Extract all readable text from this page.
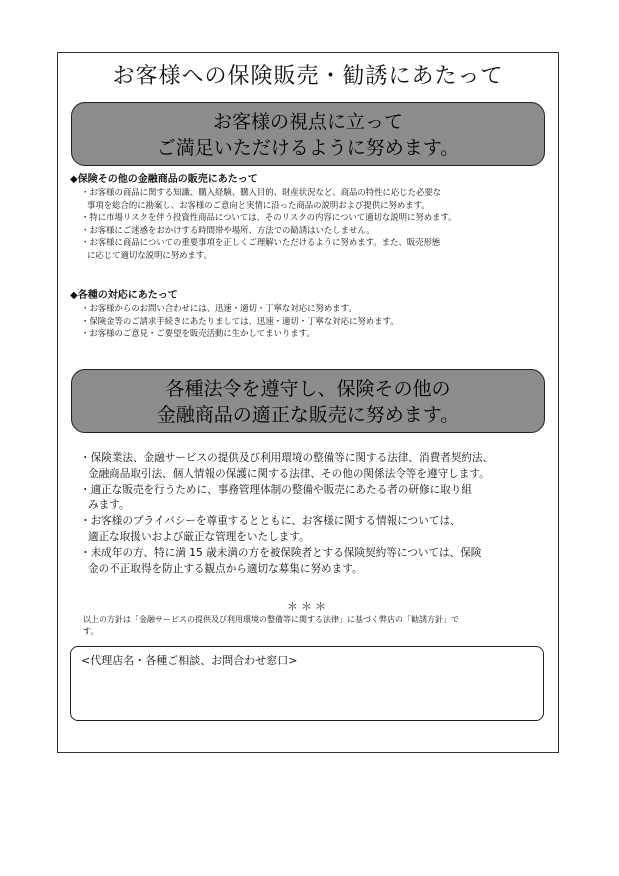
お客様への保険販売・勧誘にあたって
お客様の視点に立って
ご満足いただけるように努めます。
◆保険その他の金融商品の販売にあたって
・お客様の商品に関する知識、購入経験、購入目的、財産状況など、商品の特性に応じた必要な
事項を総合的に勘案し、お客様のご意向と実情に沿った商品の説明および提供に努めます。
・特に市場リスクを伴う投資性商品については、そのリスクの内容について適切な説明に努めます。
・お客様にご迷惑をおかけする時間帯や場所、方法での勧誘はいたしません。
・お客様に商品についての重要事項を正しくご理解いただけるように努めます。また、販売形態
に応じて適切な説明に努めます。
◆各種の対応にあたって
・お客様からのお問い合わせには、迅速・適切・丁寧な対応に努めます。
・保険金等のご請求手続きにあたりましては、迅速・適切・丁寧な対応に努めます。
・お客様のご意見・ご要望を販売活動に生かしてまいります。
各種法令を遵守し、保険その他の
金融商品の適正な販売に努めます。
・保険業法、金融サービスの提供及び利用環境の整備等に関する法律、消費者契約法、
金融商品取引法、個人情報の保護に関する法律、その他の関係法令等を遵守します。
・適正な販売を行うために、事務管理体制の整備や販売にあたる者の研修に取り組
みます。
・お客様のプライバシーを尊重するとともに、お客様に関する情報については、
適正な取扱いおよび厳正な管理をいたします。
・未成年の方、特に満 15 歳未満の方を被保険者とする保険契約等については、保険
金の不正取得を防止する観点から適切な募集に努めます。
＊＊＊
以上の方針は「金融サービスの提供及び利用環境の整備等に関する法律」に基づく弊店の「勧誘方針」で
す。
<代理店名・各種ご相談、お問合わせ窓口>
